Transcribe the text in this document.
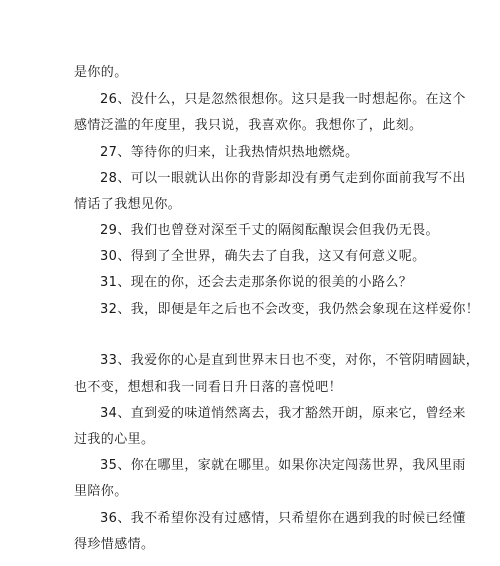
是你的。
26、没什么，只是忽然很想你。这只是我一时想起你。在这个
感情泛滥的年度里，我只说，我喜欢你。我想你了，此刻。
27、等待你的归来，让我热情炽热地燃烧。
28、可以一眼就认出你的背影却没有勇气走到你面前我写不出
情话了我想见你。
29、我们也曾登对深至千丈的隔阂酝酿误会但我仍无畏。
30、得到了全世界，确失去了自我，这又有何意义呢。
31、现在的你，还会去走那条你说的很美的小路么？
32、我，即便是年之后也不会改变，我仍然会象现在这样爱你！
33、我爱你的心是直到世界末日也不变，对你，不管阴晴圆缺，
也不变，想想和我一同看日升日落的喜悦吧！
34、直到爱的味道悄然离去，我才豁然开朗，原来它，曾经来
过我的心里。
35、你在哪里，家就在哪里。如果你决定闯荡世界，我风里雨
里陪你。
36、我不希望你没有过感情，只希望你在遇到我的时候已经懂
得珍惜感情。
